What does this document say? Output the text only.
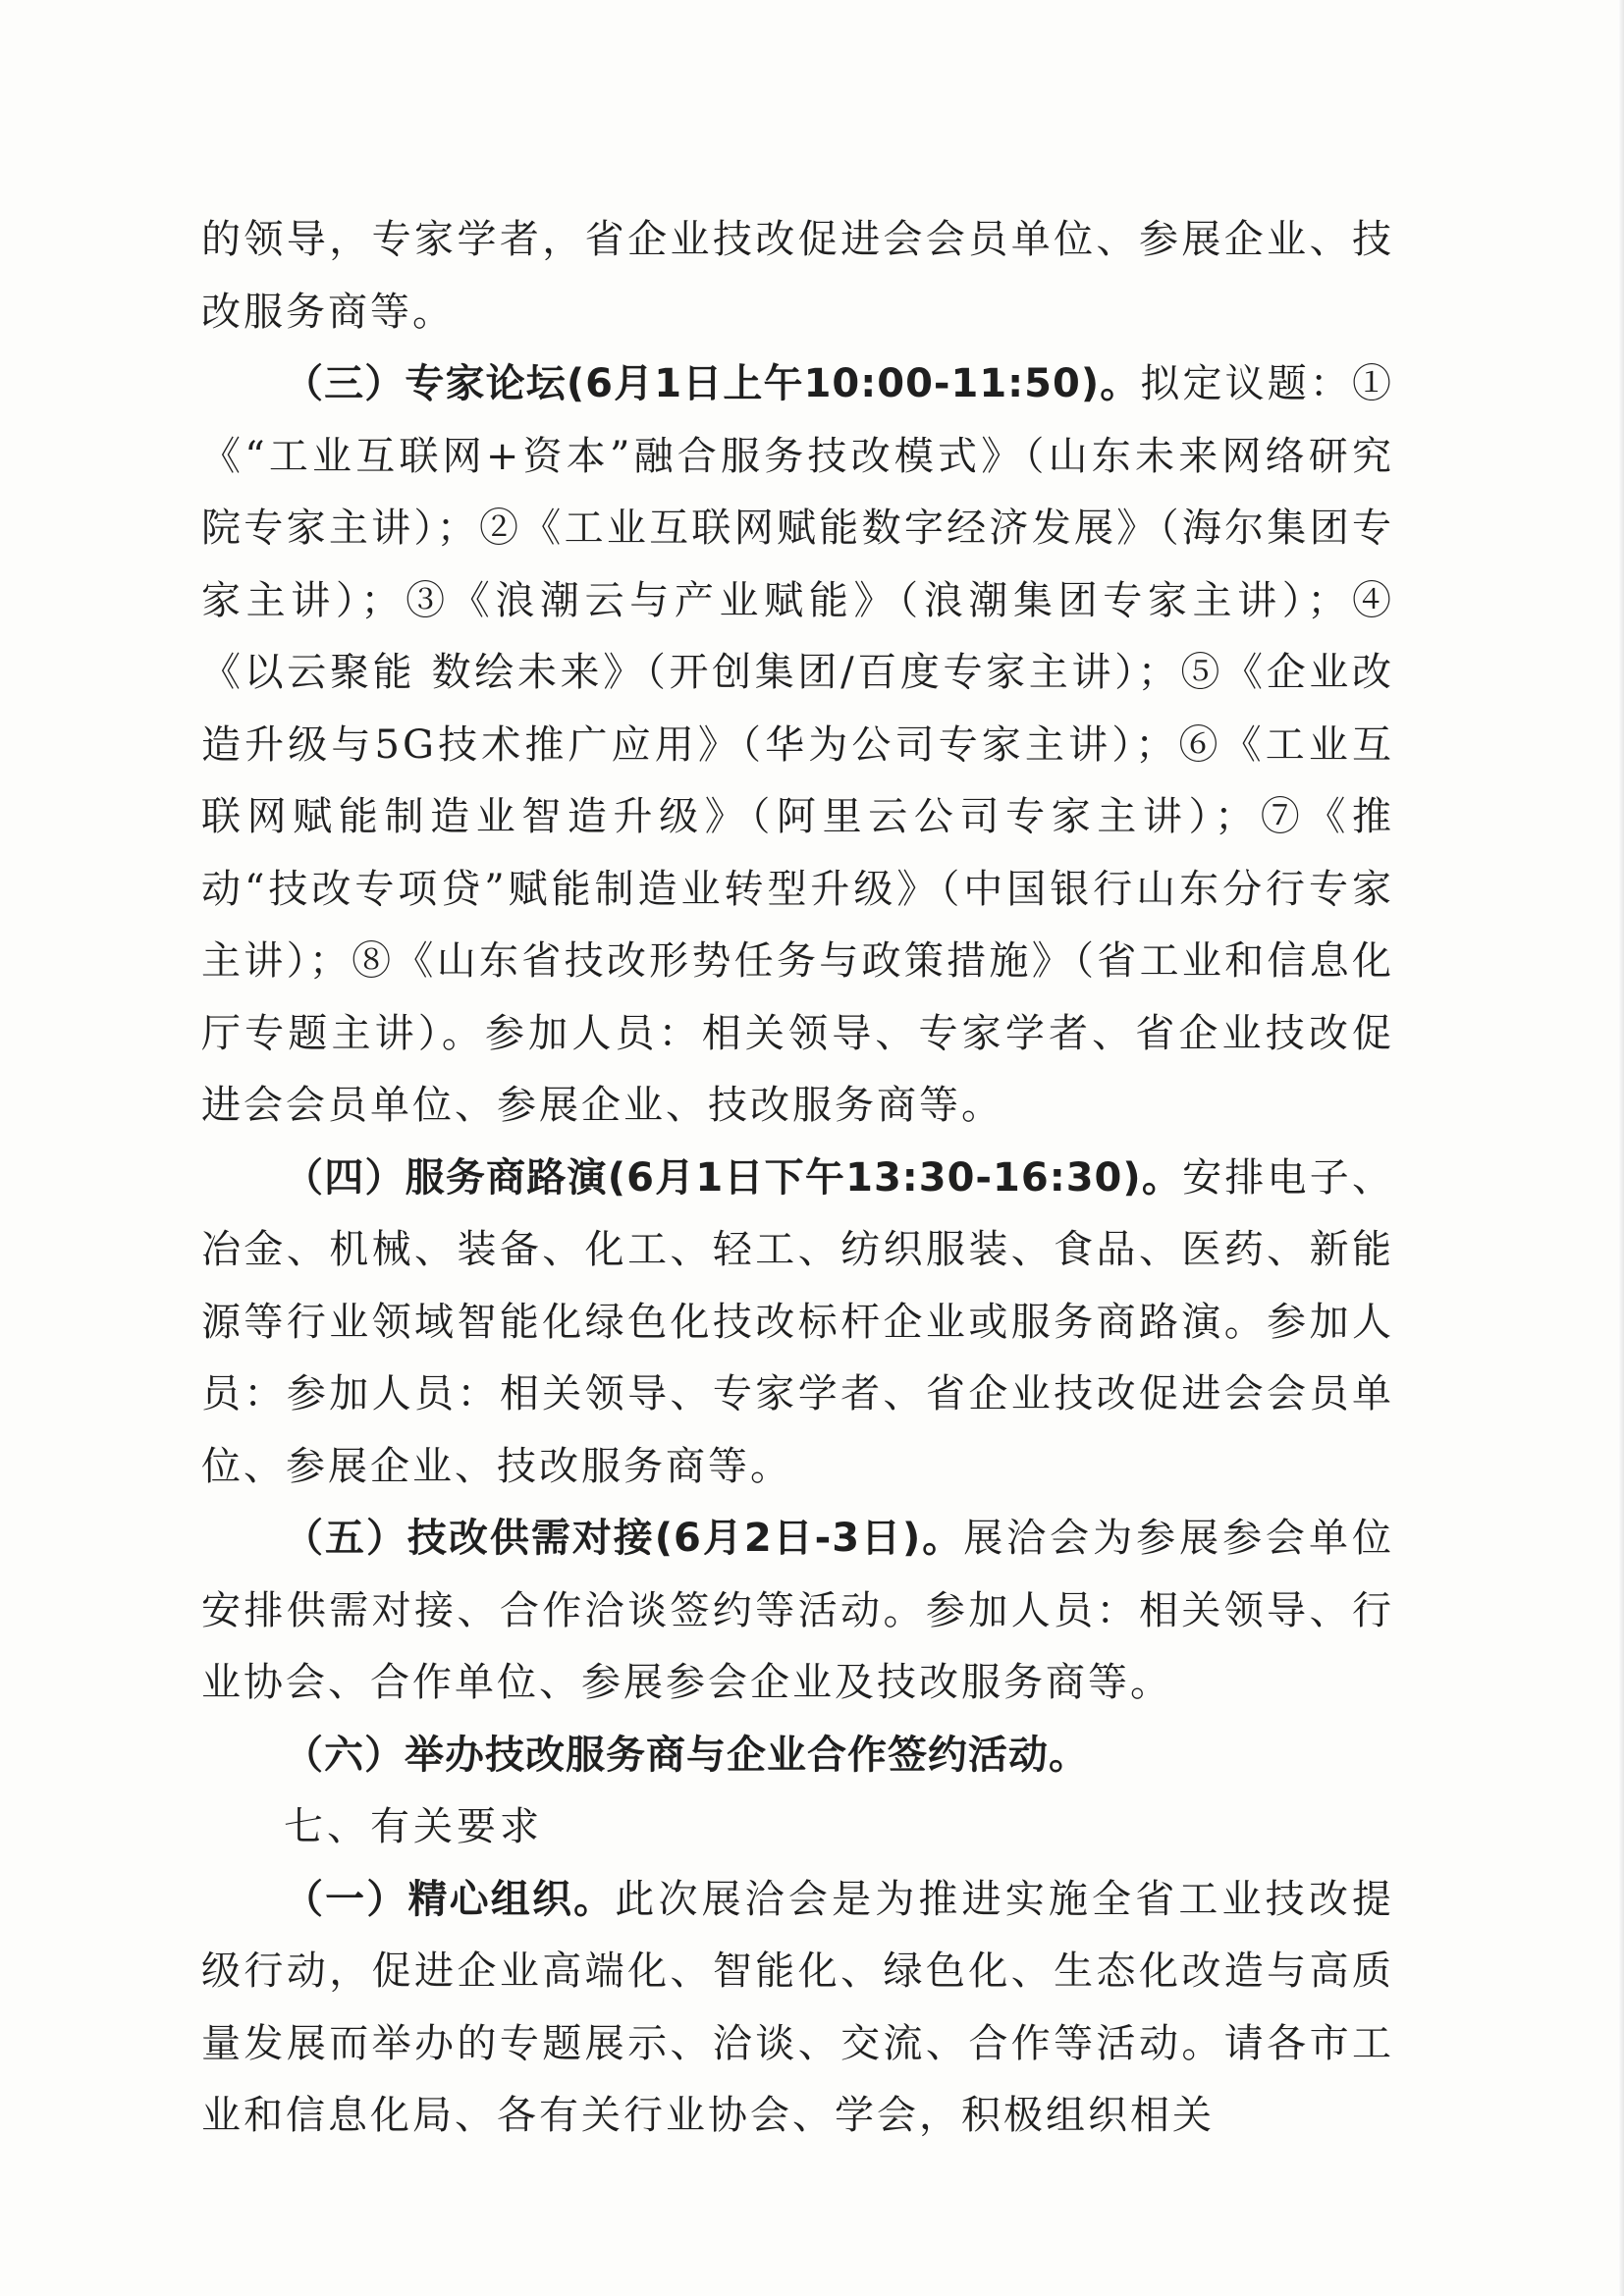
的领导，专家学者，省企业技改促进会会员单位、参展企业、技改服务商等。

（三）专家论坛(6月1日上午10:00-11:50)。拟定议题：①《“工业互联网+资本”融合服务技改模式》（山东未来网络研究院专家主讲）；②《工业互联网赋能数字经济发展》（海尔集团专家主讲）；③《浪潮云与产业赋能》（浪潮集团专家主讲）；④《以云聚能 数绘未来》（开创集团/百度专家主讲）；⑤《企业改造升级与5G技术推广应用》（华为公司专家主讲）；⑥《工业互联网赋能制造业智造升级》（阿里云公司专家主讲）；⑦《推动“技改专项贷”赋能制造业转型升级》（中国银行山东分行专家主讲）；⑧《山东省技改形势任务与政策措施》（省工业和信息化厅专题主讲）。参加人员：相关领导、专家学者、省企业技改促进会会员单位、参展企业、技改服务商等。

（四）服务商路演(6月1日下午13:30-16:30)。安排电子、冶金、机械、装备、化工、轻工、纺织服装、食品、医药、新能源等行业领域智能化绿色化技改标杆企业或服务商路演。参加人员：参加人员：相关领导、专家学者、省企业技改促进会会员单位、参展企业、技改服务商等。

（五）技改供需对接(6月2日-3日)。展洽会为参展参会单位安排供需对接、合作洽谈签约等活动。参加人员：相关领导、行业协会、合作单位、参展参会企业及技改服务商等。

（六）举办技改服务商与企业合作签约活动。

七、有关要求

（一）精心组织。此次展洽会是为推进实施全省工业技改提级行动，促进企业高端化、智能化、绿色化、生态化改造与高质量发展而举办的专题展示、洽谈、交流、合作等活动。请各市工业和信息化局、各有关行业协会、学会，积极组织相关
